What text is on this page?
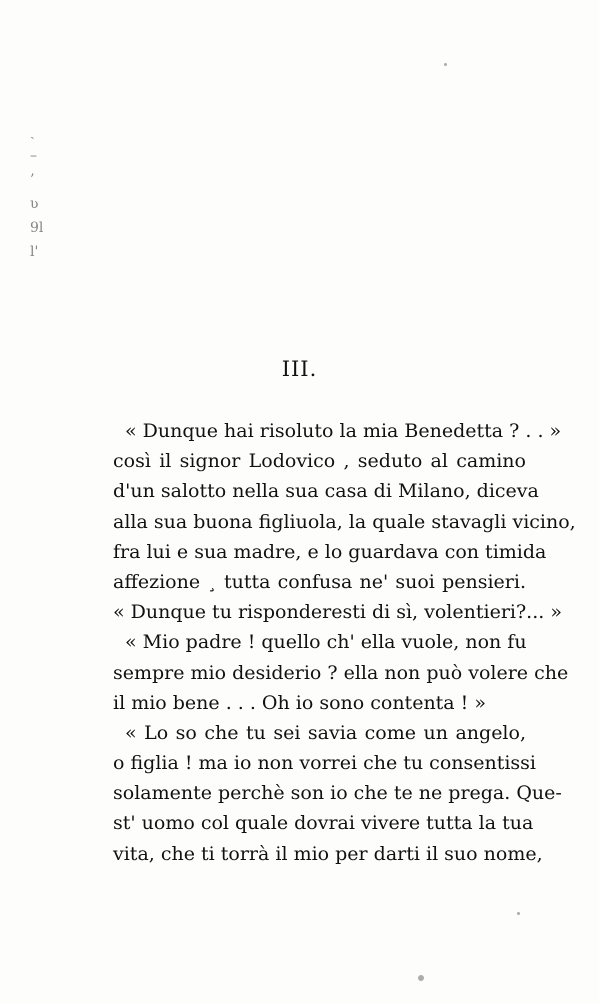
ˎ
–
’
ʋ
9l
l'
III.
« Dunque hai risoluto la mia Benedetta ? . . »
così il signor Lodovico , seduto al camino
d'un salotto nella sua casa di Milano, diceva
alla sua buona figliuola, la quale stavagli vicino,
fra lui e sua madre, e lo guardava con timida
affezione ¸ tutta confusa ne' suoi pensieri.
« Dunque tu risponderesti di sì, volentieri?... »
« Mio padre ! quello ch' ella vuole, non fu
sempre mio desiderio ? ella non può volere che
il mio bene . . . Oh io sono contenta ! »
« Lo so che tu sei savia come un angelo,
o figlia ! ma io non vorrei che tu consentissi
solamente perchè son io che te ne prega. Que-
st' uomo col quale dovrai vivere tutta la tua
vita, che ti torrà il mio per darti il suo nome,
